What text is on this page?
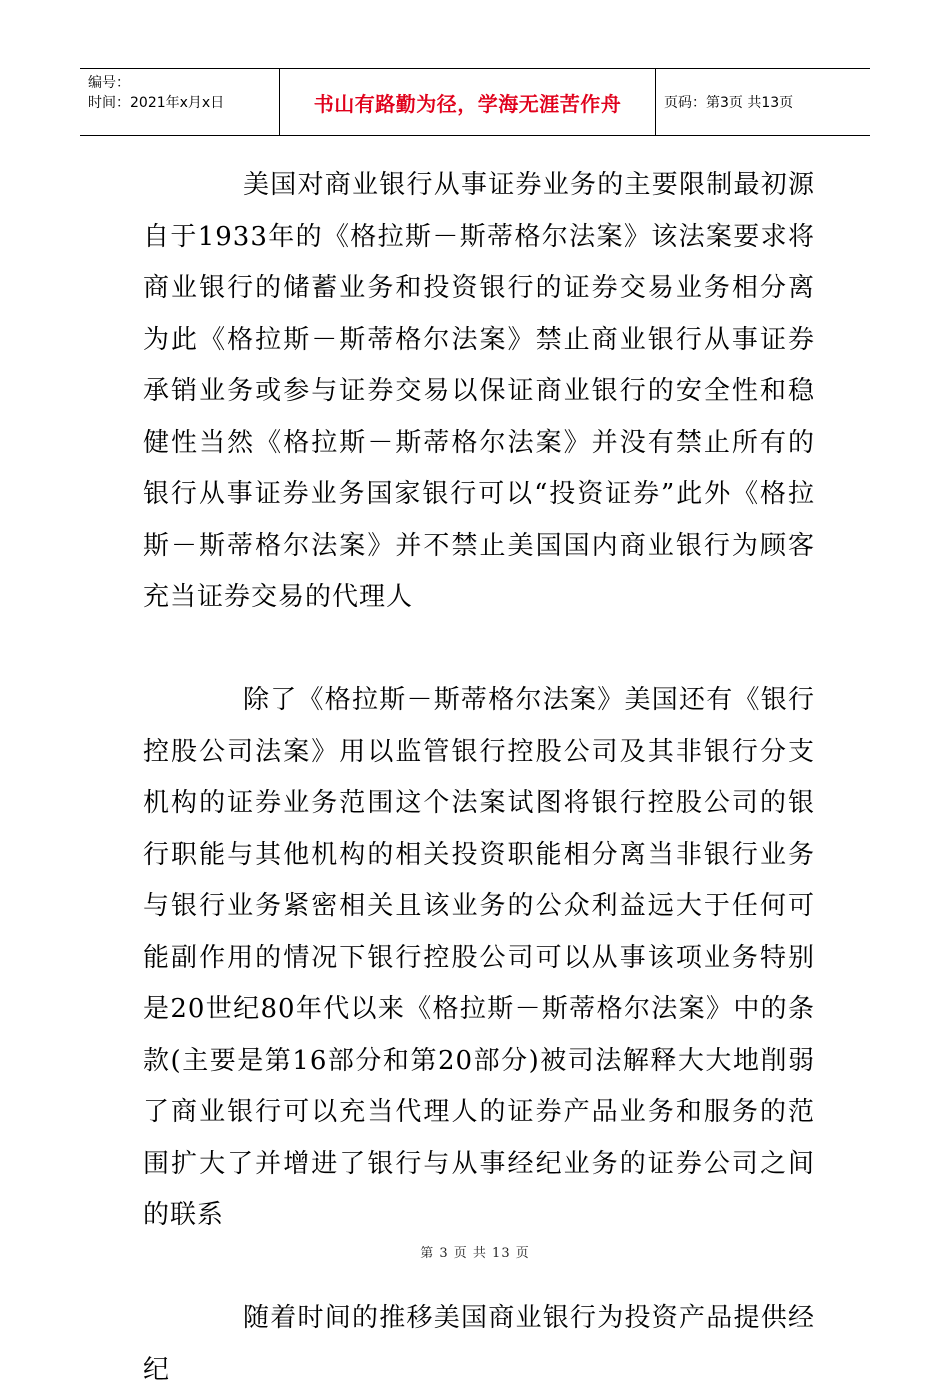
编号：
时间：2021年x月x日	书山有路勤为径，学海无涯苦作舟	页码：第3页 共13页

美国对商业银行从事证券业务的主要限制最初源自于1933年的《格拉斯－斯蒂格尔法案》该法案要求将商业银行的储蓄业务和投资银行的证券交易业务相分离为此《格拉斯－斯蒂格尔法案》禁止商业银行从事证券承销业务或参与证券交易以保证商业银行的安全性和稳健性当然《格拉斯－斯蒂格尔法案》并没有禁止所有的银行从事证券业务国家银行可以“投资证券”此外《格拉斯－斯蒂格尔法案》并不禁止美国国内商业银行为顾客充当证券交易的代理人

除了《格拉斯－斯蒂格尔法案》美国还有《银行控股公司法案》用以监管银行控股公司及其非银行分支机构的证券业务范围这个法案试图将银行控股公司的银行职能与其他机构的相关投资职能相分离当非银行业务与银行业务紧密相关且该业务的公众利益远大于任何可能副作用的情况下银行控股公司可以从事该项业务特别是20世纪80年代以来《格拉斯－斯蒂格尔法案》中的条款(主要是第16部分和第20部分)被司法解释大大地削弱了商业银行可以充当代理人的证券产品业务和服务的范围扩大了并增进了银行与从事经纪业务的证券公司之间的联系

随着时间的推移美国商业银行为投资产品提供经纪

第 3 页 共 13 页
